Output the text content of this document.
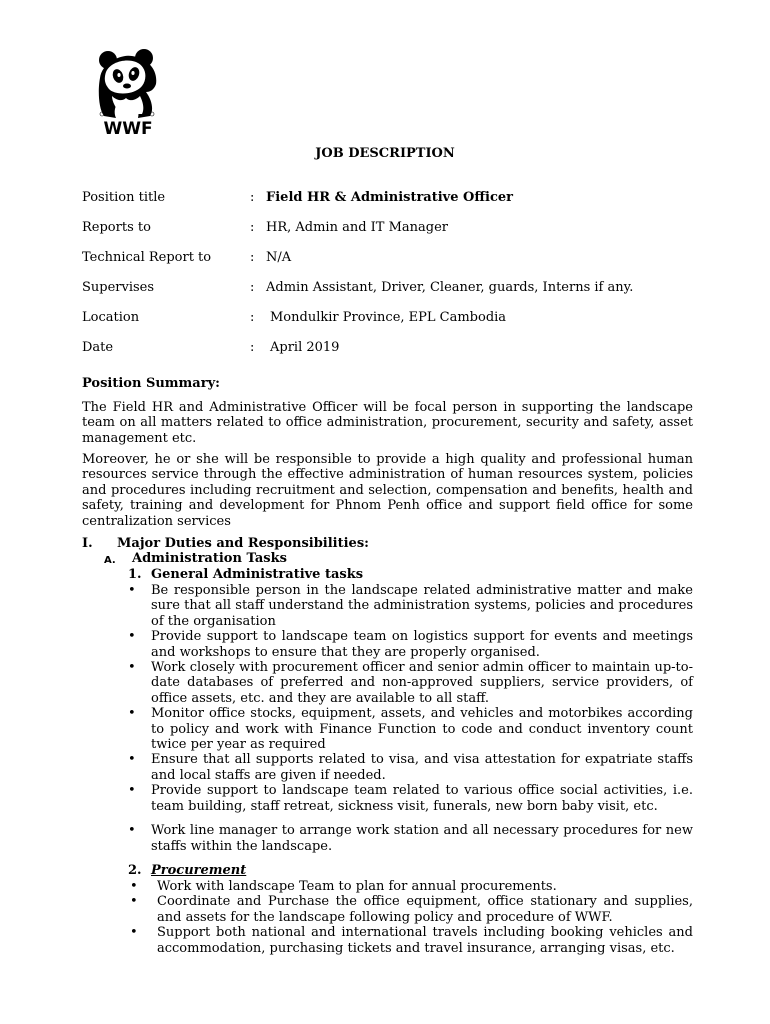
WWF
JOB DESCRIPTION
Position title	: Field HR & Administrative Officer
Reports to	: HR, Admin and IT Manager
Technical Report to	: N/A
Supervises	: Admin Assistant, Driver, Cleaner, guards, Interns if any.
Location	: Mondulkir Province, EPL Cambodia
Date	: April 2019
Position Summary:
The Field HR and Administrative Officer will be focal person in supporting the landscape team on all matters related to office administration, procurement, security and safety, asset management etc.
Moreover, he or she will be responsible to provide a high quality and professional human resources service through the effective administration of human resources system, policies and procedures including recruitment and selection, compensation and benefits, health and safety, training and development for Phnom Penh office and support field office for some centralization services
I. Major Duties and Responsibilities:
A. Administration Tasks
1. General Administrative tasks
• Be responsible person in the landscape related administrative matter and make sure that all staff understand the administration systems, policies and procedures of the organisation
• Provide support to landscape team on logistics support for events and meetings and workshops to ensure that they are properly organised.
• Work closely with procurement officer and senior admin officer to maintain up-to-date databases of preferred and non-approved suppliers, service providers, of office assets, etc. and they are available to all staff.
• Monitor office stocks, equipment, assets, and vehicles and motorbikes according to policy and work with Finance Function to code and conduct inventory count twice per year as required
• Ensure that all supports related to visa, and visa attestation for expatriate staffs and local staffs are given if needed.
• Provide support to landscape team related to various office social activities, i.e. team building, staff retreat, sickness visit, funerals, new born baby visit, etc.
• Work line manager to arrange work station and all necessary procedures for new staffs within the landscape.
2. Procurement
• Work with landscape Team to plan for annual procurements.
• Coordinate and Purchase the office equipment, office stationary and supplies, and assets for the landscape following policy and procedure of WWF.
• Support both national and international travels including booking vehicles and accommodation, purchasing tickets and travel insurance, arranging visas, etc.
